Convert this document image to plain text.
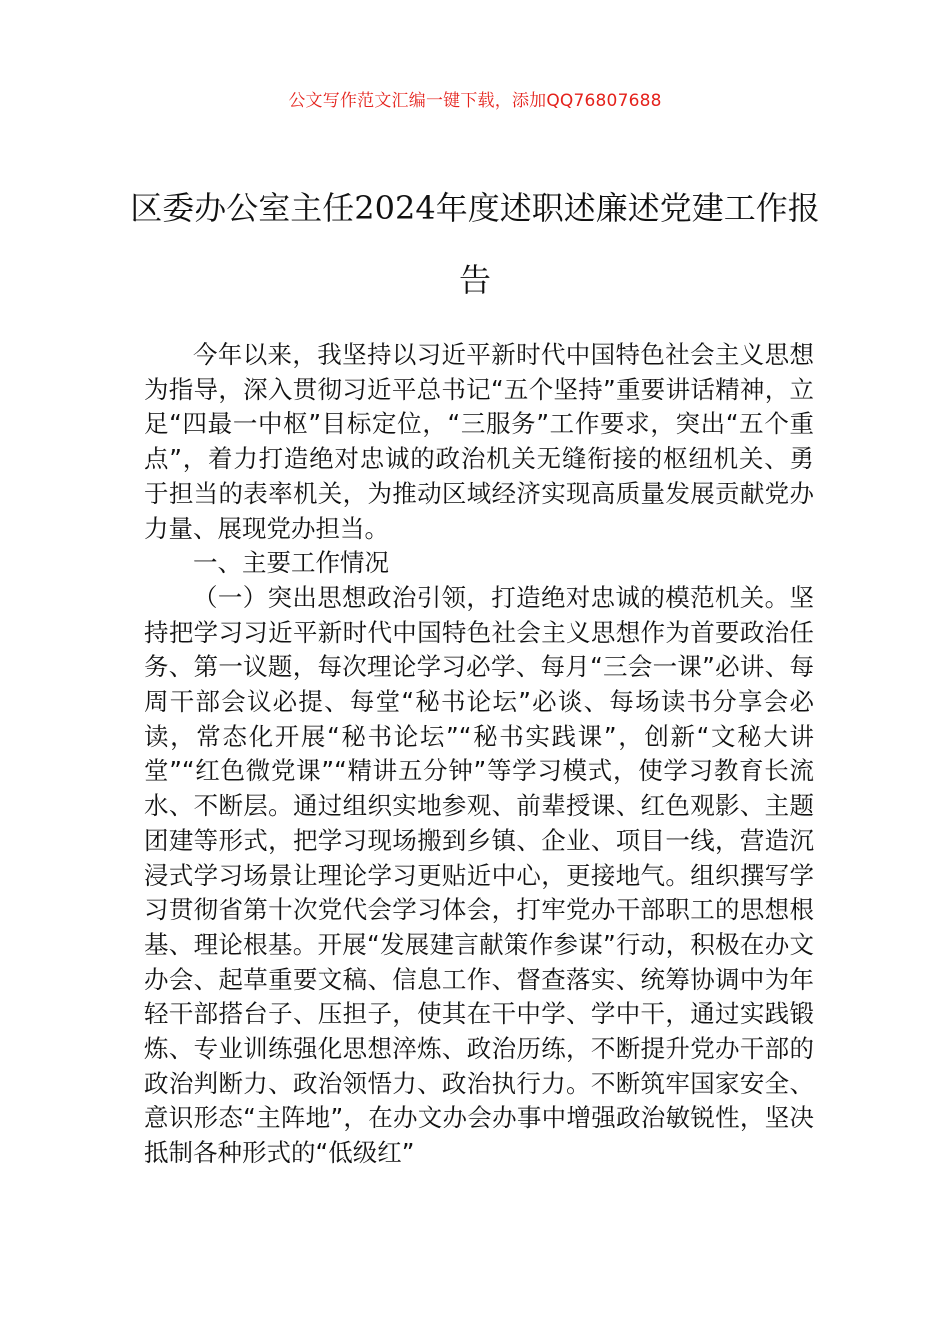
公文写作范文汇编一键下载，添加QQ76807688
区委办公室主任2024年度述职述廉述党建工作报告

今年以来，我坚持以习近平新时代中国特色社会主义思想为指导，深入贯彻习近平总书记“五个坚持”重要讲话精神，立足“四最一中枢”目标定位，“三服务”工作要求，突出“五个重点”，着力打造绝对忠诚的政治机关无缝衔接的枢纽机关、勇于担当的表率机关，为推动区域经济实现高质量发展贡献党办力量、展现党办担当。

一、主要工作情况

（一）突出思想政治引领，打造绝对忠诚的模范机关。坚持把学习习近平新时代中国特色社会主义思想作为首要政治任务、第一议题，每次理论学习必学、每月“三会一课”必讲、每周干部会议必提、每堂“秘书论坛”必谈、每场读书分享会必读，常态化开展“秘书论坛”“秘书实践课”，创新“文秘大讲堂”“红色微党课”“精讲五分钟”等学习模式，使学习教育长流水、不断层。通过组织实地参观、前辈授课、红色观影、主题团建等形式，把学习现场搬到乡镇、企业、项目一线，营造沉浸式学习场景让理论学习更贴近中心，更接地气。组织撰写学习贯彻省第十次党代会学习体会，打牢党办干部职工的思想根基、理论根基。开展“发展建言献策作参谋”行动，积极在办文办会、起草重要文稿、信息工作、督查落实、统筹协调中为年轻干部搭台子、压担子，使其在干中学、学中干，通过实践锻炼、专业训练强化思想淬炼、政治历练，不断提升党办干部的政治判断力、政治领悟力、政治执行力。不断筑牢国家安全、意识形态“主阵地”，在办文办会办事中增强政治敏锐性，坚决抵制各种形式的“低级红”
